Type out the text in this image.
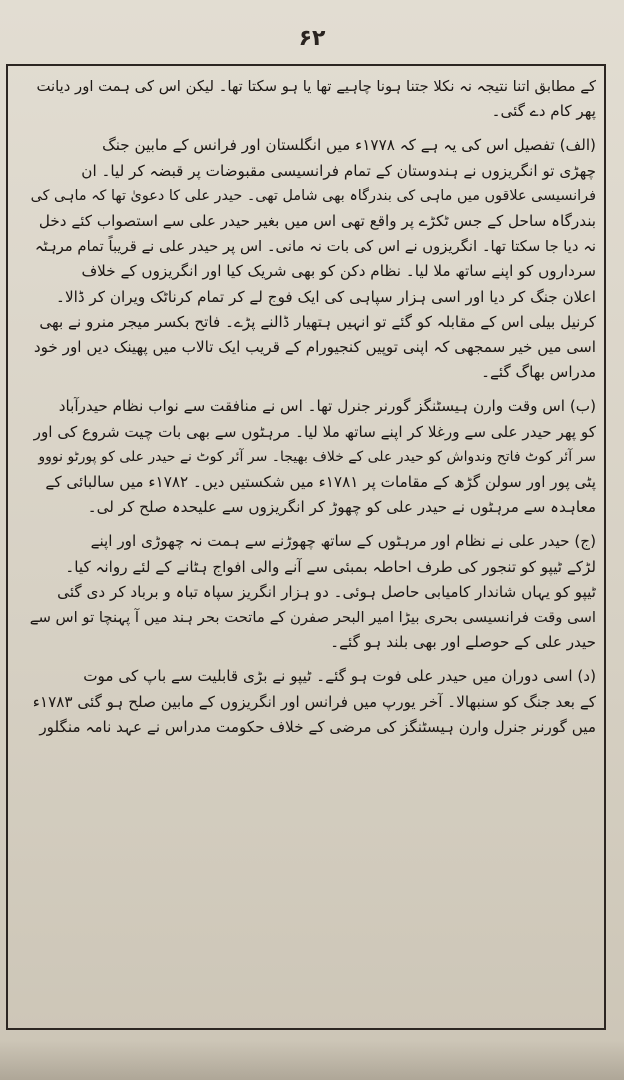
۶۲

کے مطابق اتنا نتیجہ نہ نکلا جتنا ہونا چاہیے تھا یا ہو سکتا تھا۔ لیکن اس کی ہمت اور دیانت

پھر کام دے گئی۔

(الف) تفصیل اس کی یہ ہے کہ ۱۷۷۸ء میں انگلستان اور فرانس کے مابین جنگ

چھڑی تو انگریزوں نے ہندوستان کے تمام فرانسیسی مقبوضات پر قبضہ کر لیا۔ ان

فرانسیسی علاقوں میں ماہی کی بندرگاہ بھی شامل تھی۔ حیدر علی کا دعویٰ تھا کہ ماہی کی

بندرگاہ ساحل کے جس ٹکڑے پر واقع تھی اس میں بغیر حیدر علی سے استصواب کئے دخل

نہ دیا جا سکتا تھا۔ انگریزوں نے اس کی بات نہ مانی۔ اس پر حیدر علی نے قریباً تمام مرہٹہ

سرداروں کو اپنے ساتھ ملا لیا۔ نظام دکن کو بھی شریک کیا اور انگریزوں کے خلاف

اعلان جنگ کر دیا اور اسی ہزار سپاہی کی ایک فوج لے کر تمام کرناٹک ویران کر ڈالا۔

کرنیل بیلی اس کے مقابلہ کو گئے تو انہیں ہتھیار ڈالنے پڑے۔ فاتح بکسر میجر منرو نے بھی

اسی میں خیر سمجھی کہ اپنی توپیں کنجیورام کے قریب ایک تالاب میں پھینک دیں اور خود

مدراس بھاگ گئے۔

(ب) اس وقت وارن ہیسٹنگز گورنر جنرل تھا۔ اس نے منافقت سے نواب نظام حیدرآباد

کو پھر حیدر علی سے ورغلا کر اپنے ساتھ ملا لیا۔ مرہٹوں سے بھی بات چیت شروع کی اور

سر آئر کوٹ فاتح وندواش کو حیدر علی کے خلاف بھیجا۔ سر آئر کوٹ نے حیدر علی کو پورٹو نووو

پٹی پور اور سولن گڑھ کے مقامات پر ۱۷۸۱ء میں شکستیں دیں۔ ۱۷۸۲ء میں سالبائی کے

معاہدہ سے مرہٹوں نے حیدر علی کو چھوڑ کر انگریزوں سے علیحدہ صلح کر لی۔

(ج) حیدر علی نے نظام اور مرہٹوں کے ساتھ چھوڑنے سے ہمت نہ چھوڑی اور اپنے

لڑکے ٹیپو کو تنجور کی طرف احاطہ بمبئی سے آنے والی افواج ہٹانے کے لئے روانہ کیا۔

ٹیپو کو یہاں شاندار کامیابی حاصل ہوئی۔ دو ہزار انگریز سپاہ تباہ و برباد کر دی گئی

اسی وقت فرانسیسی بحری بیڑا امیر البحر صفرن کے ماتحت بحر ہند میں آ پہنچا تو اس سے

حیدر علی کے حوصلے اور بھی بلند ہو گئے۔

(د) اسی دوران میں حیدر علی فوت ہو گئے۔ ٹیپو نے بڑی قابلیت سے باپ کی موت

کے بعد جنگ کو سنبھالا۔ آخر یورپ میں فرانس اور انگریزوں کے مابین صلح ہو گئی ۱۷۸۳ء

میں گورنر جنرل وارن ہیسٹنگز کی مرضی کے خلاف حکومت مدراس نے عہد نامہ منگلور
